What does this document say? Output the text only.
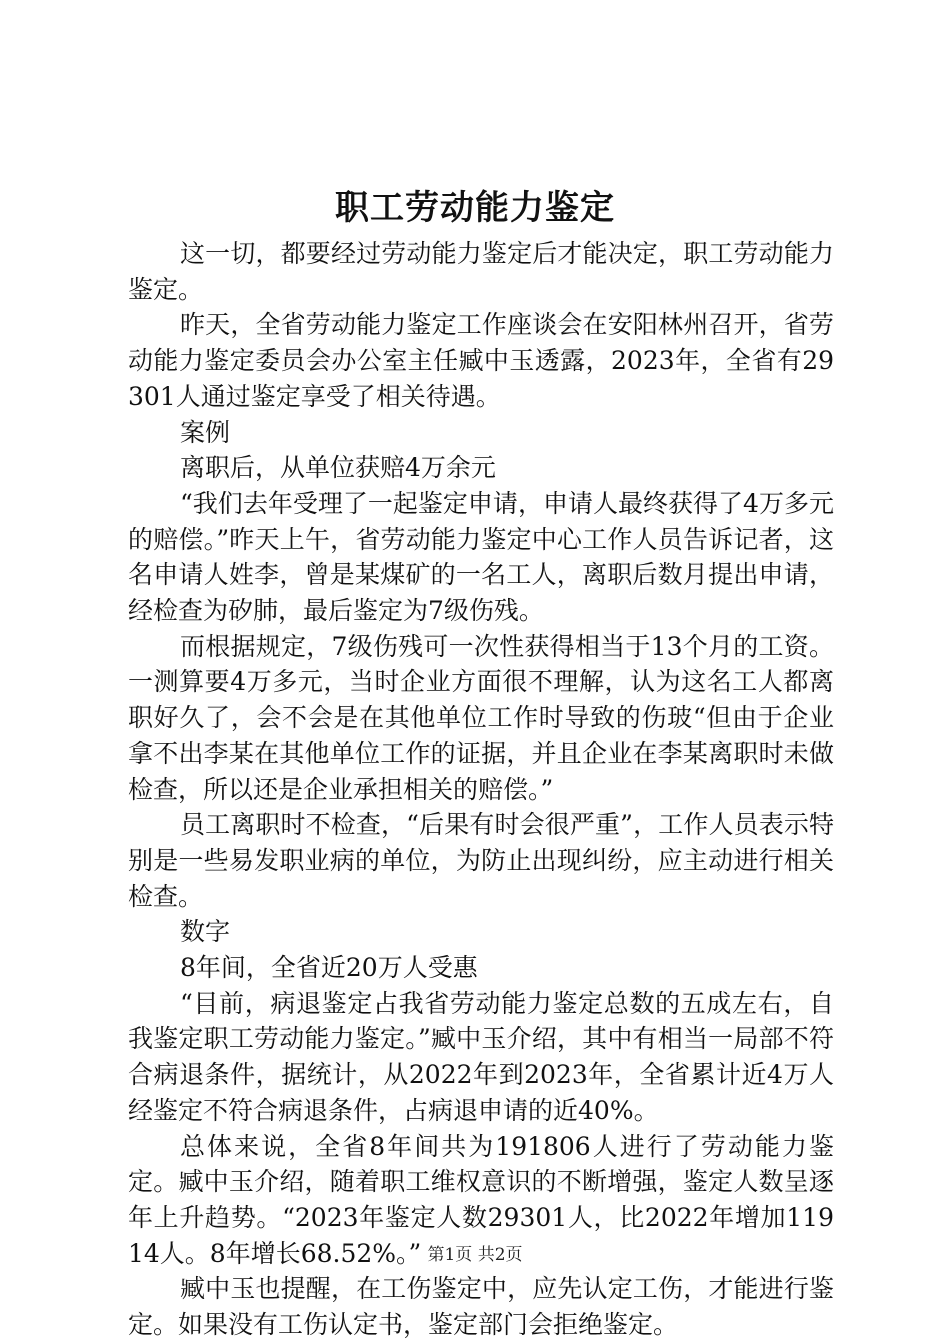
职工劳动能力鉴定

这一切，都要经过劳动能力鉴定后才能决定，职工劳动能力鉴定。

昨天，全省劳动能力鉴定工作座谈会在安阳林州召开，省劳动能力鉴定委员会办公室主任臧中玉透露，2023年，全省有29301人通过鉴定享受了相关待遇。

案例

离职后，从单位获赔4万余元

“我们去年受理了一起鉴定申请，申请人最终获得了4万多元的赔偿。”昨天上午，省劳动能力鉴定中心工作人员告诉记者，这名申请人姓李，曾是某煤矿的一名工人，离职后数月提出申请，经检查为矽肺，最后鉴定为7级伤残。

而根据规定，7级伤残可一次性获得相当于13个月的工资。一测算要4万多元，当时企业方面很不理解，认为这名工人都离职好久了，会不会是在其他单位工作时导致的伤玻“但由于企业拿不出李某在其他单位工作的证据，并且企业在李某离职时未做检查，所以还是企业承担相关的赔偿。”

员工离职时不检查，“后果有时会很严重”，工作人员表示特别是一些易发职业病的单位，为防止出现纠纷，应主动进行相关检查。

数字

8年间，全省近20万人受惠

“目前，病退鉴定占我省劳动能力鉴定总数的五成左右，自我鉴定职工劳动能力鉴定。”臧中玉介绍，其中有相当一局部不符合病退条件，据统计，从2022年到2023年，全省累计近4万人经鉴定不符合病退条件，占病退申请的近40%。

总体来说，全省8年间共为191806人进行了劳动能力鉴定。臧中玉介绍，随着职工维权意识的不断增强，鉴定人数呈逐年上升趋势。“2023年鉴定人数29301人，比2022年增加11914人。8年增长68.52%。”

臧中玉也提醒，在工伤鉴定中，应先认定工伤，才能进行鉴定。如果没有工伤认定书，鉴定部门会拒绝鉴定。

第1页 共2页
